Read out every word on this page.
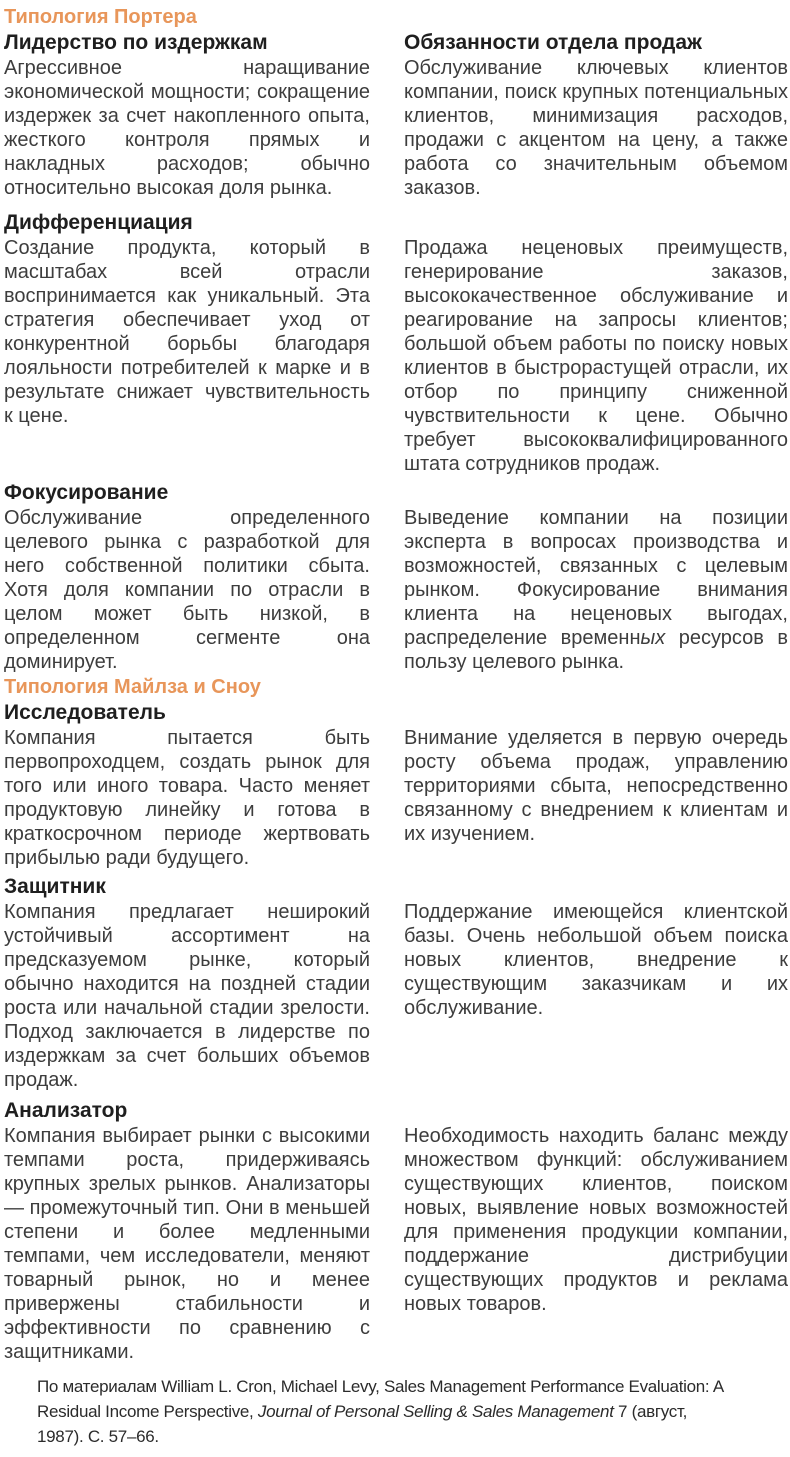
Типология Портера
Лидерство по издержкам

Агрессивное наращивание экономической мощности; сокращение издержек за счет накопленного опыта, жесткого контроля прямых и накладных расходов; обычно относительно высокая доля рынка.

Обязанности отдела продаж

Обслуживание ключевых клиентов компании, поиск крупных потенциальных клиентов, минимизация расходов, продажи с акцентом на цену, а также работа со значительным объемом заказов.

Дифференциация

Создание продукта, который в масштабах всей отрасли воспринимается как уникальный. Эта стратегия обеспечивает уход от конкурентной борьбы благодаря лояльности потребителей к марке и в результате снижает чувствительность к цене.

Продажа неценовых преимуществ, генерирование заказов, высококачественное обслуживание и реагирование на запросы клиентов; большой объем работы по поиску новых клиентов в быстрорастущей отрасли, их отбор по принципу сниженной чувствительности к цене. Обычно требует высококвалифицированного штата сотрудников продаж.

Фокусирование

Обслуживание определенного целевого рынка с разработкой для него собственной политики сбыта. Хотя доля компании по отрасли в целом может быть низкой, в определенном сегменте она доминирует.

Выведение компании на позиции эксперта в вопросах производства и возможностей, связанных с целевым рынком. Фокусирование внимания клиента на неценовых выгодах, распределение временных ресурсов в пользу целевого рынка.

Типология Майлза и Сноу
Исследователь

Компания пытается быть первопроходцем, создать рынок для того или иного товара. Часто меняет продуктовую линейку и готова в краткосрочном периоде жертвовать прибылью ради будущего.

Внимание уделяется в первую очередь росту объема продаж, управлению территориями сбыта, непосредственно связанному с внедрением к клиентам и их изучением.

Защитник

Компания предлагает неширокий устойчивый ассортимент на предсказуемом рынке, который обычно находится на поздней стадии роста или начальной стадии зрелости. Подход заключается в лидерстве по издержкам за счет больших объемов продаж.

Поддержание имеющейся клиентской базы. Очень небольшой объем поиска новых клиентов, внедрение к существующим заказчикам и их обслуживание.

Анализатор

Компания выбирает рынки с высокими темпами роста, придерживаясь крупных зрелых рынков. Анализаторы — промежуточный тип. Они в меньшей степени и более медленными темпами, чем исследователи, меняют товарный рынок, но и менее привержены стабильности и эффективности по сравнению с защитниками.

Необходимость находить баланс между множеством функций: обслуживанием существующих клиентов, поиском новых, выявление новых возможностей для применения продукции компании, поддержание дистрибуции существующих продуктов и реклама новых товаров.

По материалам William L. Cron, Michael Levy, Sales Management Performance Evaluation: A Residual Income Perspective, Journal of Personal Selling & Sales Management 7 (август, 1987). С. 57–66.
